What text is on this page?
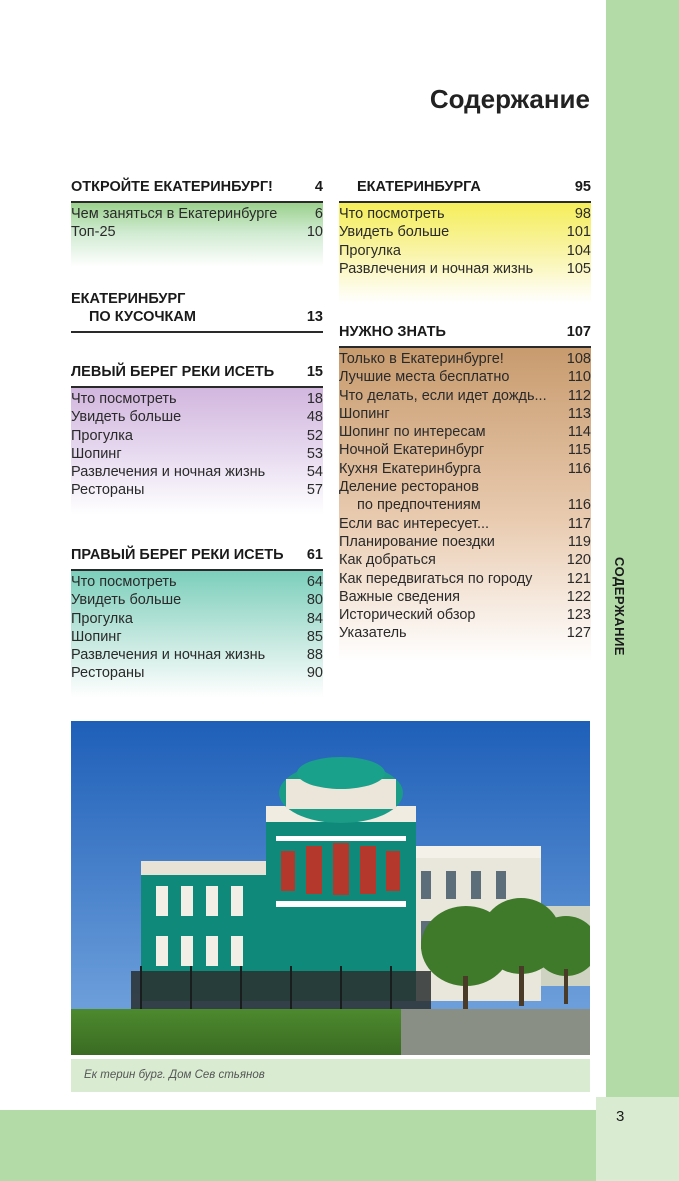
СОДЕРЖАНИЕ
3
Содержание
ОТКРОЙТЕ ЕКАТЕРИНБУРГ!	4
Чем заняться в Екатеринбурге	6
Топ-25	10
ЕКАТЕРИНБУРГ
ПО КУСОЧКАМ	13
ЛЕВЫЙ БЕРЕГ РЕКИ ИСЕТЬ 15
Что посмотреть	18
Увидеть больше	48
Прогулка	52
Шопинг	53
Развлечения и ночная жизнь	54
Рестораны	57
ПРАВЫЙ БЕРЕГ РЕКИ ИСЕТЬ 61
Что посмотреть	64
Увидеть больше	80
Прогулка	84
Шопинг	85
Развлечения и ночная жизнь	88
Рестораны	90
ЕКАТЕРИНБУРГА	95
Что посмотреть	98
Увидеть больше	101
Прогулка	104
Развлечения и ночная жизнь 105
НУЖНО ЗНАТЬ	107
Только в Екатеринбурге!	108
Лучшие места бесплатно	110
Что делать, если идет дождь... 112
Шопинг	113
Шопинг по интересам	114
Ночной Екатеринбург	115
Кухня Екатеринбурга	116
Деление ресторанов
по предпочтениям	116
Если вас интересует...	117
Планирование поездки	119
Как добраться	120
Как передвигаться по городу 121
Важные сведения	122
Исторический обзор	123
Указатель	127
Ек терин бург. Дом Сев стьянов
